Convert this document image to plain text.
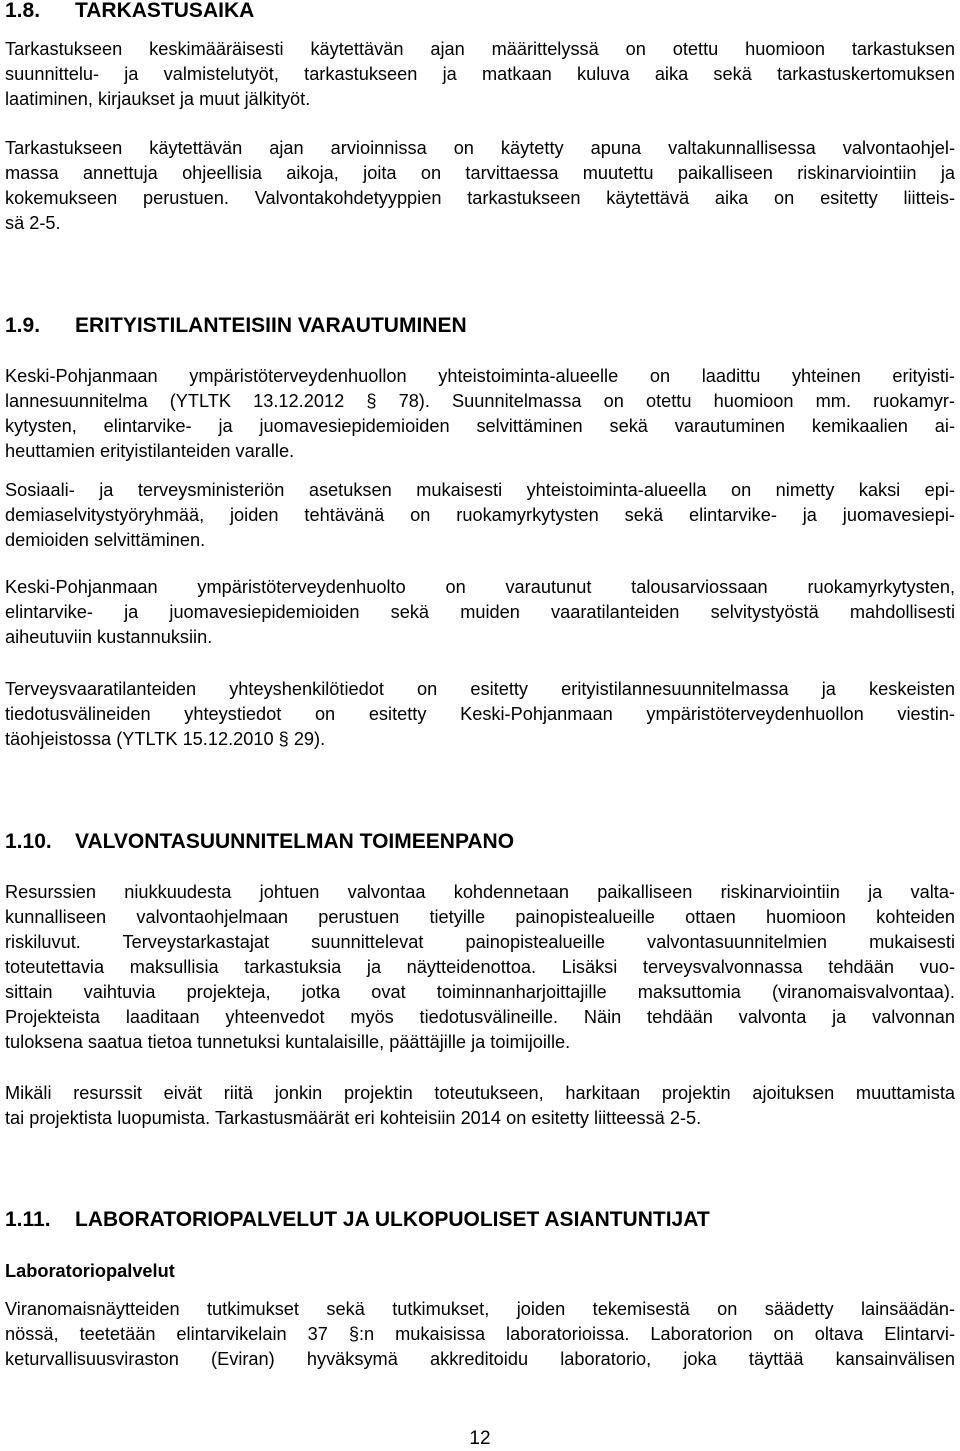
1.8. TARKASTUSAIKA
Tarkastukseen keskimääräisesti käytettävän ajan määrittelyssä on otettu huomioon tarkastuksen
suunnittelu- ja valmistelutyöt, tarkastukseen ja matkaan kuluva aika sekä tarkastuskertomuksen
laatiminen, kirjaukset ja muut jälkityöt.
Tarkastukseen käytettävän ajan arvioinnissa on käytetty apuna valtakunnallisessa valvontaohjel-
massa annettuja ohjeellisia aikoja, joita on tarvittaessa muutettu paikalliseen riskinarviointiin ja
kokemukseen perustuen. Valvontakohdetyyppien tarkastukseen käytettävä aika on esitetty liitteis-
sä 2-5.
1.9. ERITYISTILANTEISIIN VARAUTUMINEN
Keski-Pohjanmaan ympäristöterveydenhuollon yhteistoiminta-alueelle on laadittu yhteinen erityisti-
lannesuunnitelma (YTLTK 13.12.2012 § 78). Suunnitelmassa on otettu huomioon mm. ruokamyr-
kytysten, elintarvike- ja juomavesiepidemioiden selvittäminen sekä varautuminen kemikaalien ai-
heuttamien erityistilanteiden varalle.
Sosiaali- ja terveysministeriön asetuksen mukaisesti yhteistoiminta-alueella on nimetty kaksi epi-
demiaselvitystyöryhmää, joiden tehtävänä on ruokamyrkytysten sekä elintarvike- ja juomavesiepi-
demioiden selvittäminen.
Keski-Pohjanmaan ympäristöterveydenhuolto on varautunut talousarviossaan ruokamyrkytysten,
elintarvike- ja juomavesiepidemioiden sekä muiden vaaratilanteiden selvitystyöstä mahdollisesti
aiheutuviin kustannuksiin.
Terveysvaaratilanteiden yhteyshenkilötiedot on esitetty erityistilannesuunnitelmassa ja keskeisten
tiedotusvälineiden yhteystiedot on esitetty Keski-Pohjanmaan ympäristöterveydenhuollon viestin-
täohjeistossa (YTLTK 15.12.2010 § 29).
1.10. VALVONTASUUNNITELMAN TOIMEENPANO
Resurssien niukkuudesta johtuen valvontaa kohdennetaan paikalliseen riskinarviointiin ja valta-
kunnalliseen valvontaohjelmaan perustuen tietyille painopistealueille ottaen huomioon kohteiden
riskiluvut. Terveystarkastajat suunnittelevat painopistealueille valvontasuunnitelmien mukaisesti
toteutettavia maksullisia tarkastuksia ja näytteidenottoa. Lisäksi terveysvalvonnassa tehdään vuo-
sittain vaihtuvia projekteja, jotka ovat toiminnanharjoittajille maksuttomia (viranomaisvalvontaa).
Projekteista laaditaan yhteenvedot myös tiedotusvälineille. Näin tehdään valvonta ja valvonnan
tuloksena saatua tietoa tunnetuksi kuntalaisille, päättäjille ja toimijoille.
Mikäli resurssit eivät riitä jonkin projektin toteutukseen, harkitaan projektin ajoituksen muuttamista
tai projektista luopumista. Tarkastusmäärät eri kohteisiin 2014 on esitetty liitteessä 2-5.
1.11. LABORATORIOPALVELUT JA ULKOPUOLISET ASIANTUNTIJAT
Laboratoriopalvelut
Viranomaisnäytteiden tutkimukset sekä tutkimukset, joiden tekemisestä on säädetty lainsäädän-
nössä, teetetään elintarvikelain 37 §:n mukaisissa laboratorioissa. Laboratorion on oltava Elintarvi-
keturvallisuusviraston (Eviran) hyväksymä akkreditoidu laboratorio, joka täyttää kansainvälisen
12
